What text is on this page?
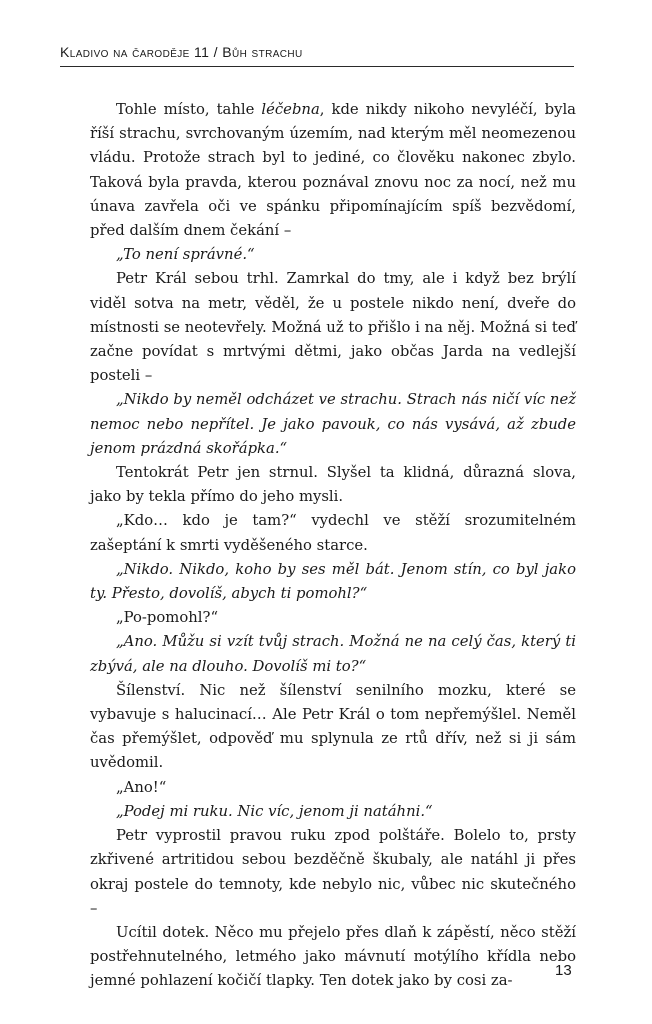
Kladivo na čaroděje 11 / Bůh strachu

Tohle místo, tahle léčebna, kde nikdy nikoho nevyléčí, byla říší strachu, svrchovaným územím, nad kterým měl neomezenou vládu. Protože strach byl to jediné, co člověku nakonec zbylo. Taková byla pravda, kterou poznával znovu noc za nocí, než mu únava zavřela oči ve spánku připomínajícím spíš bezvědomí, před dalším dnem čekání –

„To není správné.“

Petr Král sebou trhl. Zamrkal do tmy, ale i když bez brýlí viděl sotva na metr, věděl, že u postele nikdo není, dveře do místnosti se neotevřely. Možná už to přišlo i na něj. Možná si teď začne povídat s mrtvými dětmi, jako občas Jarda na vedlejší posteli –

„Nikdo by neměl odcházet ve strachu. Strach nás ničí víc než nemoc nebo nepřítel. Je jako pavouk, co nás vysává, až zbude jenom prázdná skořápka.“

Tentokrát Petr jen strnul. Slyšel ta klidná, důrazná slova, jako by tekla přímo do jeho mysli.

„Kdo… kdo je tam?“ vydechl ve stěží srozumitelném zašeptání k smrti vyděšeného starce.

„Nikdo. Nikdo, koho by ses měl bát. Jenom stín, co byl jako ty. Přesto, dovolíš, abych ti pomohl?“

„Po-pomohl?“

„Ano. Můžu si vzít tvůj strach. Možná ne na celý čas, který ti zbývá, ale na dlouho. Dovolíš mi to?“

Šílenství. Nic než šílenství senilního mozku, které se vybavuje s halucinací… Ale Petr Král o tom nepřemýšlel. Neměl čas přemýšlet, odpověď mu splynula ze rtů dřív, než si ji sám uvědomil.

„Ano!“

„Podej mi ruku. Nic víc, jenom ji natáhni.“

Petr vyprostil pravou ruku zpod polštáře. Bolelo to, prsty zkřivené artritidou sebou bezděčně škubaly, ale natáhl ji přes okraj postele do temnoty, kde nebylo nic, vůbec nic skutečného –

Ucítil dotek. Něco mu přejelo přes dlaň k zápěstí, něco stěží postřehnutelného, letmého jako mávnutí motýlího křídla nebo jemné pohlazení kočičí tlapky. Ten dotek jako by cosi za-

13
